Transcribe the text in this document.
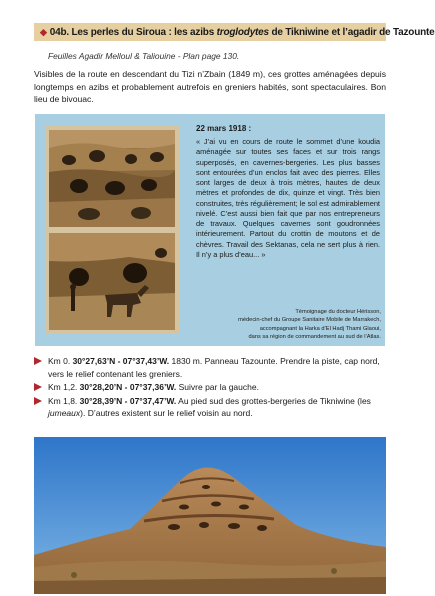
◆ 04b. Les perles du Siroua : les azibs troglodytes de Tikniwine et l’agadir de Tazounte
Feuilles Agadir Melloul & Taliouine - Plan page 130.

Visibles de la route en descendant du Tizi n’Zbain (1849 m), ces grottes aménagées depuis longtemps en azibs et probablement autrefois en greniers habités, sont spectaculaires. Bon lieu de bivouac.

22 mars 1918 :

« J’ai vu en cours de route le sommet d’une koudia aménagée sur toutes ses faces et sur trois rangs superposés, en cavernes-bergeries. Les plus basses sont entourées d’un enclos fait avec des pierres. Elles sont larges de deux à trois mètres, hautes de deux mètres et profondes de dix, quinze et vingt. Très bien construites, très régulièrement; le sol est admirablement nivelé. C’est aussi bien fait que par nos entrepreneurs de travaux. Quelques cavernes sont goudronnées intérieurement. Partout du crottin de moutons et de chèvres. Travail des Sektanas, cela ne sert plus à rien. Il n’y a plus d’eau... »

Témoignage du docteur Hérisson,
médecin-chef du Groupe Sanitaire Mobile de Marrakech,
accompagnant la Harka d’El Hadj Thami Glaoui,
dans sa région de commandement au sud de l’Atlas.
Km 0. 30°27,63’N - 07°37,43’W. 1830 m. Panneau Tazounte. Prendre la piste, cap nord, vers le relief contenant les greniers.
Km 1,2. 30°28,20’N - 07°37,36’W. Suivre par la gauche.
Km 1,8. 30°28,39’N - 07°37,47’W. Au pied sud des grottes-bergeries de Tikniwine (les jumeaux). D’autres existent sur le relief voisin au nord.
